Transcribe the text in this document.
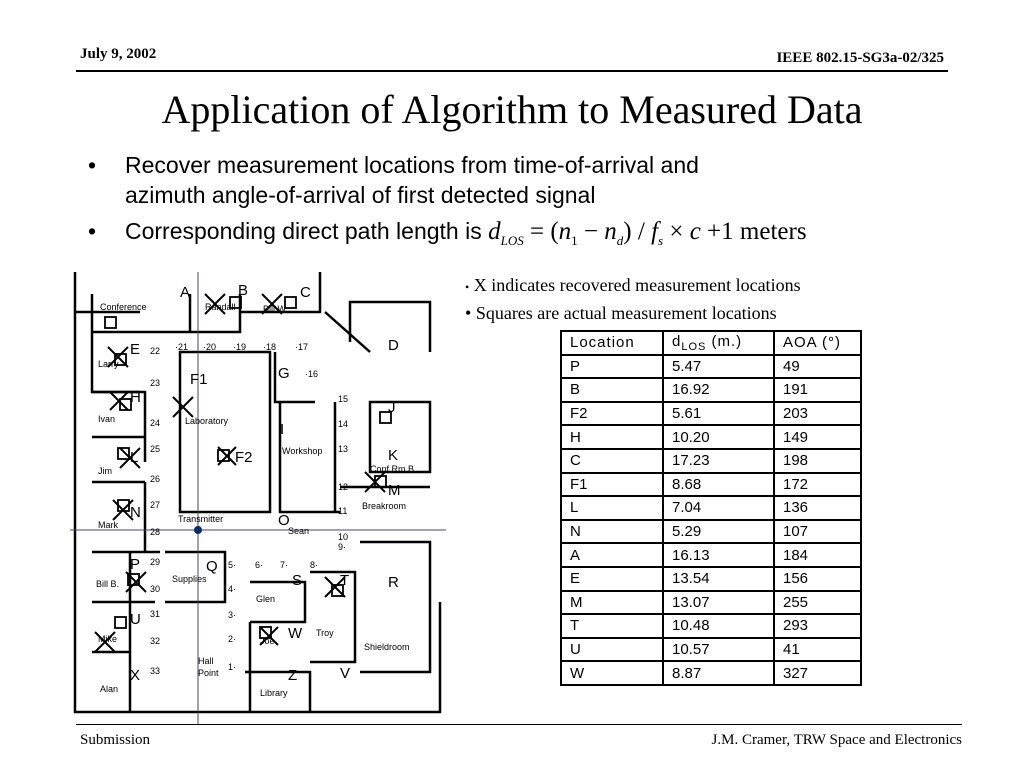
July 9, 2002	IEEE 802.15-SG3a-02/325
Application of Algorithm to Measured Data
• Recover measurement locations from time-of-arrival and
azimuth angle-of-arrival of first detected signal
• Corresponding direct path length is $d_{LOS} = (n_1 - n_d) / f_s \times c +1$ meters
• X indicates recovered measurement locations
• Squares are actual measurement locations
Location	$d_{LOS}$ (m.)	AOA (°)
P	5.47	49
B	16.92	191
F2	5.61	203
H	10.20	149
C	17.23	198
F1	8.68	172
L	7.04	136
N	5.29	107
A	16.13	184
E	13.54	156
M	13.07	255
T	10.48	293
U	10.57	41
W	8.87	327
A	B	C
D
E
F1
F2
G
H
I
J
K
L
M
N	O
P	Q
R
S	T
U
V
W
X	Z
Conference	Randall	Bill W.
Larry
Ivan
Jim
Mark
Bill B.
Mike
Alan
Laboratory
Transmitter
Workshop
Conf Rm B
Breakroom
Sean
Supplies
Glen
Troy
Shieldroom
Hall
Point
Library
Joe
·21 ·20 ·19 ·18 ·17
·16
15
14
13
12
11
10
9·
8·
7·
6·
5·
4·
3·
2·
1·
22
23
24
25
26
27
28
29
30
31
32
33
Submission	J.M. Cramer, TRW Space and Electronics
